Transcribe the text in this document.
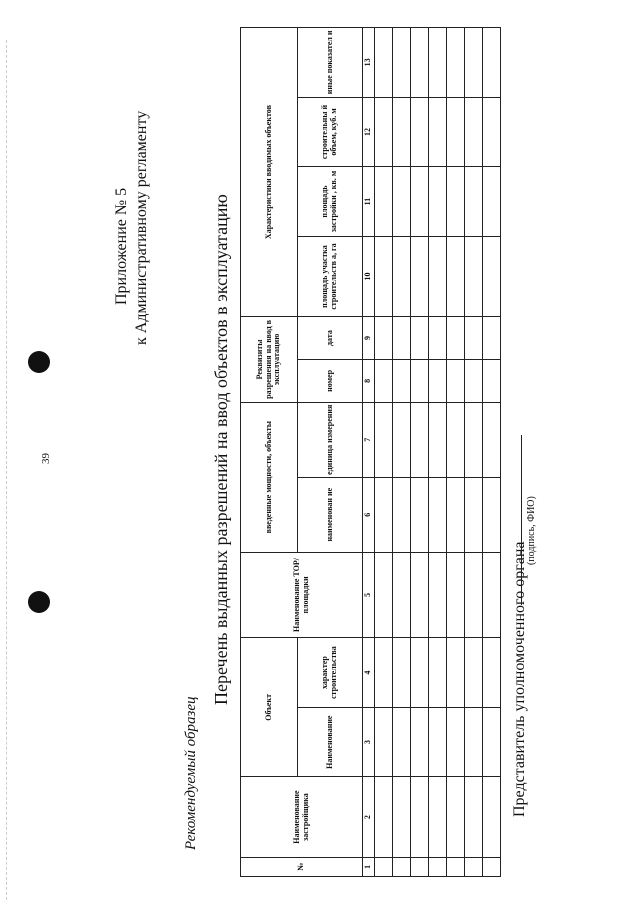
39
Приложение № 5 к Административному регламенту
Рекомендуемый образец
Перечень выданных разрешений на ввод объектов в эксплуатацию
№	Наименование застройщика	Объект		Наименование ТОР/площадки	введенные мощности, объекты		Реквизиты разрешения на ввод в эксплуатацию		Характеристики вводимых объектов			
		Наименование	характер строительства		наименован ие	единица измерения	номер	дата	площадь участка строительств а, га	площадь застройки , кв. м	строительны й объем, куб. м	иные показател и
1	2	3	4	5	6	7	8	9	10	11	12	13

Представитель уполномоченного органа
(подпись, ФИО)
